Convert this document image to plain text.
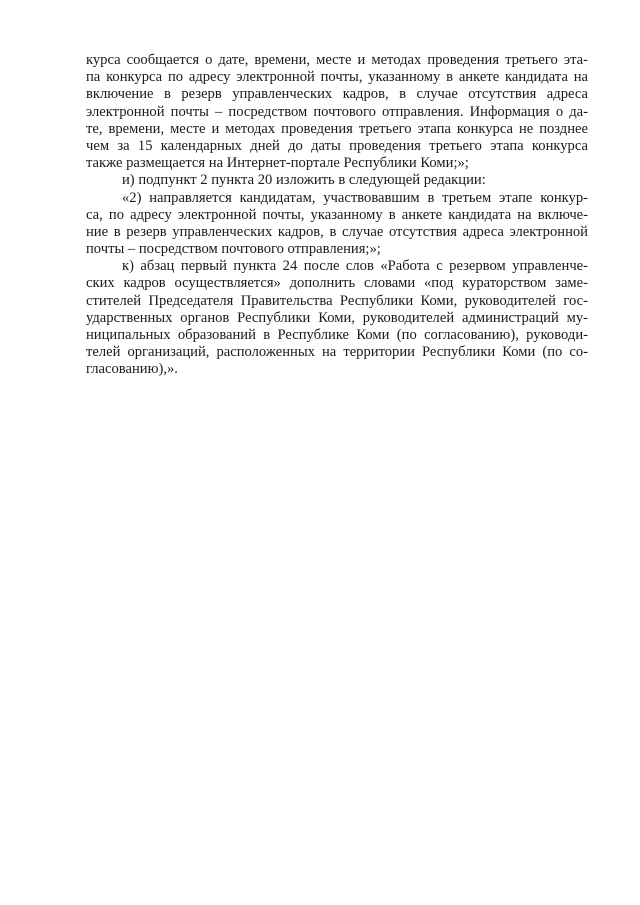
курса сообщается о дате, времени, месте и методах проведения третьего эта-
па конкурса по адресу электронной почты, указанному в анкете кандидата на
включение в резерв управленческих кадров, в случае отсутствия адреса
электронной почты – посредством почтового отправления. Информация о да-
те, времени, месте и методах проведения третьего этапа конкурса не позднее
чем за 15 календарных дней до даты проведения третьего этапа конкурса
также размещается на Интернет-портале Республики Коми;»;
и) подпункт 2 пункта 20 изложить в следующей редакции:
«2) направляется кандидатам, участвовавшим в третьем этапе конкур-
са, по адресу электронной почты, указанному в анкете кандидата на включе-
ние в резерв управленческих кадров, в случае отсутствия адреса электронной
почты – посредством почтового отправления;»;
к) абзац первый пункта 24 после слов «Работа с резервом управленче-
ских кадров осуществляется» дополнить словами «под кураторством заме-
стителей Председателя Правительства Республики Коми, руководителей гос-
ударственных органов Республики Коми, руководителей администраций му-
ниципальных образований в Республике Коми (по согласованию), руководи-
телей организаций, расположенных на территории Республики Коми (по со-
гласованию),».
